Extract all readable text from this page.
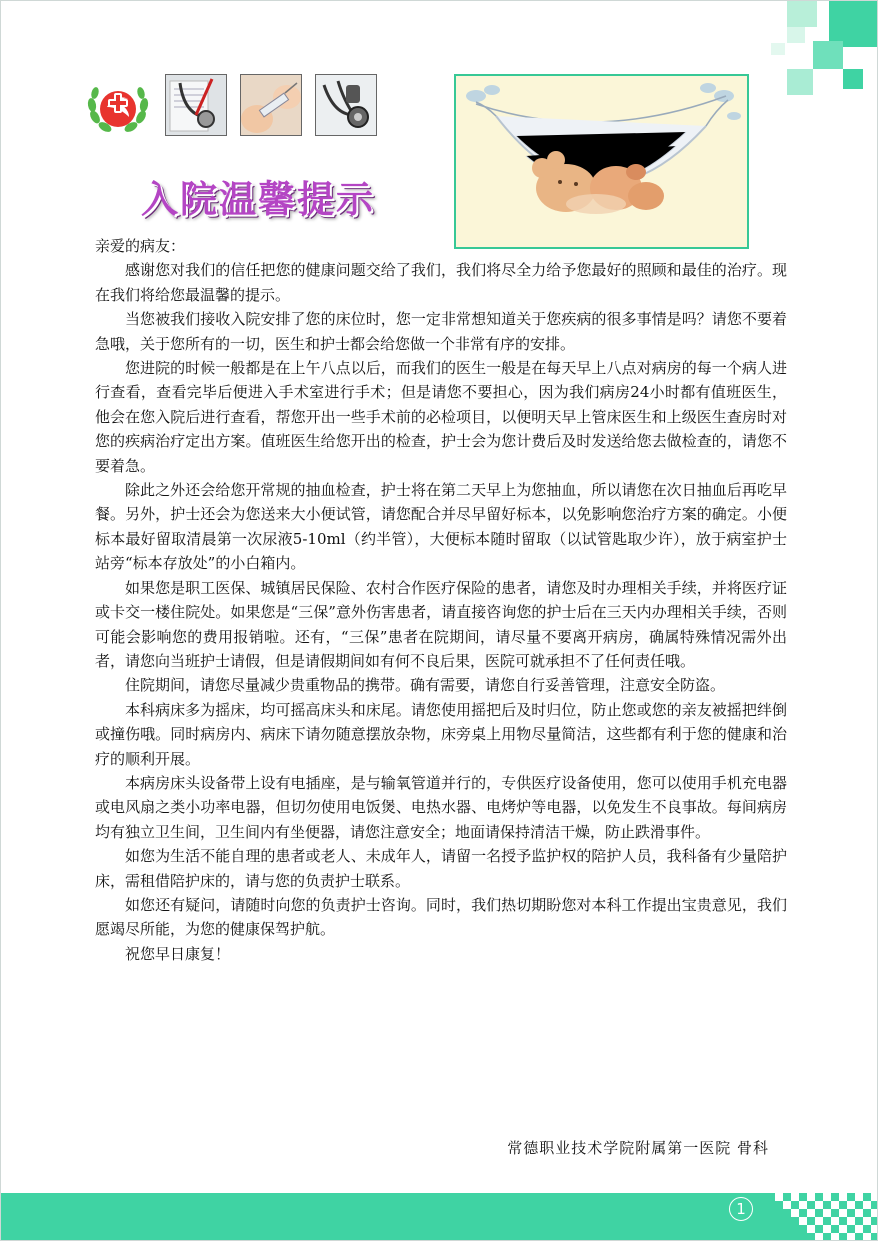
入院温馨提示

亲爱的病友：

感谢您对我们的信任把您的健康问题交给了我们，我们将尽全力给予您最好的照顾和最佳的治疗。现在我们将给您最温馨的提示。

当您被我们接收入院安排了您的床位时，您一定非常想知道关于您疾病的很多事情是吗？请您不要着急哦，关于您所有的一切，医生和护士都会给您做一个非常有序的安排。

您进院的时候一般都是在上午八点以后，而我们的医生一般是在每天早上八点对病房的每一个病人进行查看，查看完毕后便进入手术室进行手术；但是请您不要担心，因为我们病房24小时都有值班医生，他会在您入院后进行查看，帮您开出一些手术前的必检项目，以便明天早上管床医生和上级医生查房时对您的疾病治疗定出方案。值班医生给您开出的检查，护士会为您计费后及时发送给您去做检查的，请您不要着急。

除此之外还会给您开常规的抽血检查，护士将在第二天早上为您抽血，所以请您在次日抽血后再吃早餐。另外，护士还会为您送来大小便试管，请您配合并尽早留好标本，以免影响您治疗方案的确定。小便标本最好留取清晨第一次尿液5-10ml（约半管），大便标本随时留取（以试管匙取少许），放于病室护士站旁“标本存放处”的小白箱内。

如果您是职工医保、城镇居民保险、农村合作医疗保险的患者，请您及时办理相关手续，并将医疗证或卡交一楼住院处。如果您是“三保”意外伤害患者，请直接咨询您的护士后在三天内办理相关手续，否则可能会影响您的费用报销啦。还有，“三保”患者在院期间，请尽量不要离开病房，确属特殊情况需外出者，请您向当班护士请假，但是请假期间如有何不良后果，医院可就承担不了任何责任哦。

住院期间，请您尽量减少贵重物品的携带。确有需要，请您自行妥善管理，注意安全防盗。

本科病床多为摇床，均可摇高床头和床尾。请您使用摇把后及时归位，防止您或您的亲友被摇把绊倒或撞伤哦。同时病房内、病床下请勿随意摆放杂物，床旁桌上用物尽量简洁，这些都有利于您的健康和治疗的顺利开展。

本病房床头设备带上设有电插座，是与输氧管道并行的，专供医疗设备使用，您可以使用手机充电器或电风扇之类小功率电器，但切勿使用电饭煲、电热水器、电烤炉等电器，以免发生不良事故。每间病房均有独立卫生间，卫生间内有坐便器，请您注意安全；地面请保持清洁干燥，防止跌滑事件。

如您为生活不能自理的患者或老人、未成年人，请留一名授予监护权的陪护人员，我科备有少量陪护床，需租借陪护床的，请与您的负责护士联系。

如您还有疑问，请随时向您的负责护士咨询。同时，我们热切期盼您对本科工作提出宝贵意见，我们愿竭尽所能，为您的健康保驾护航。

祝您早日康复！

常德职业技术学院附属第一医院 骨科
1
